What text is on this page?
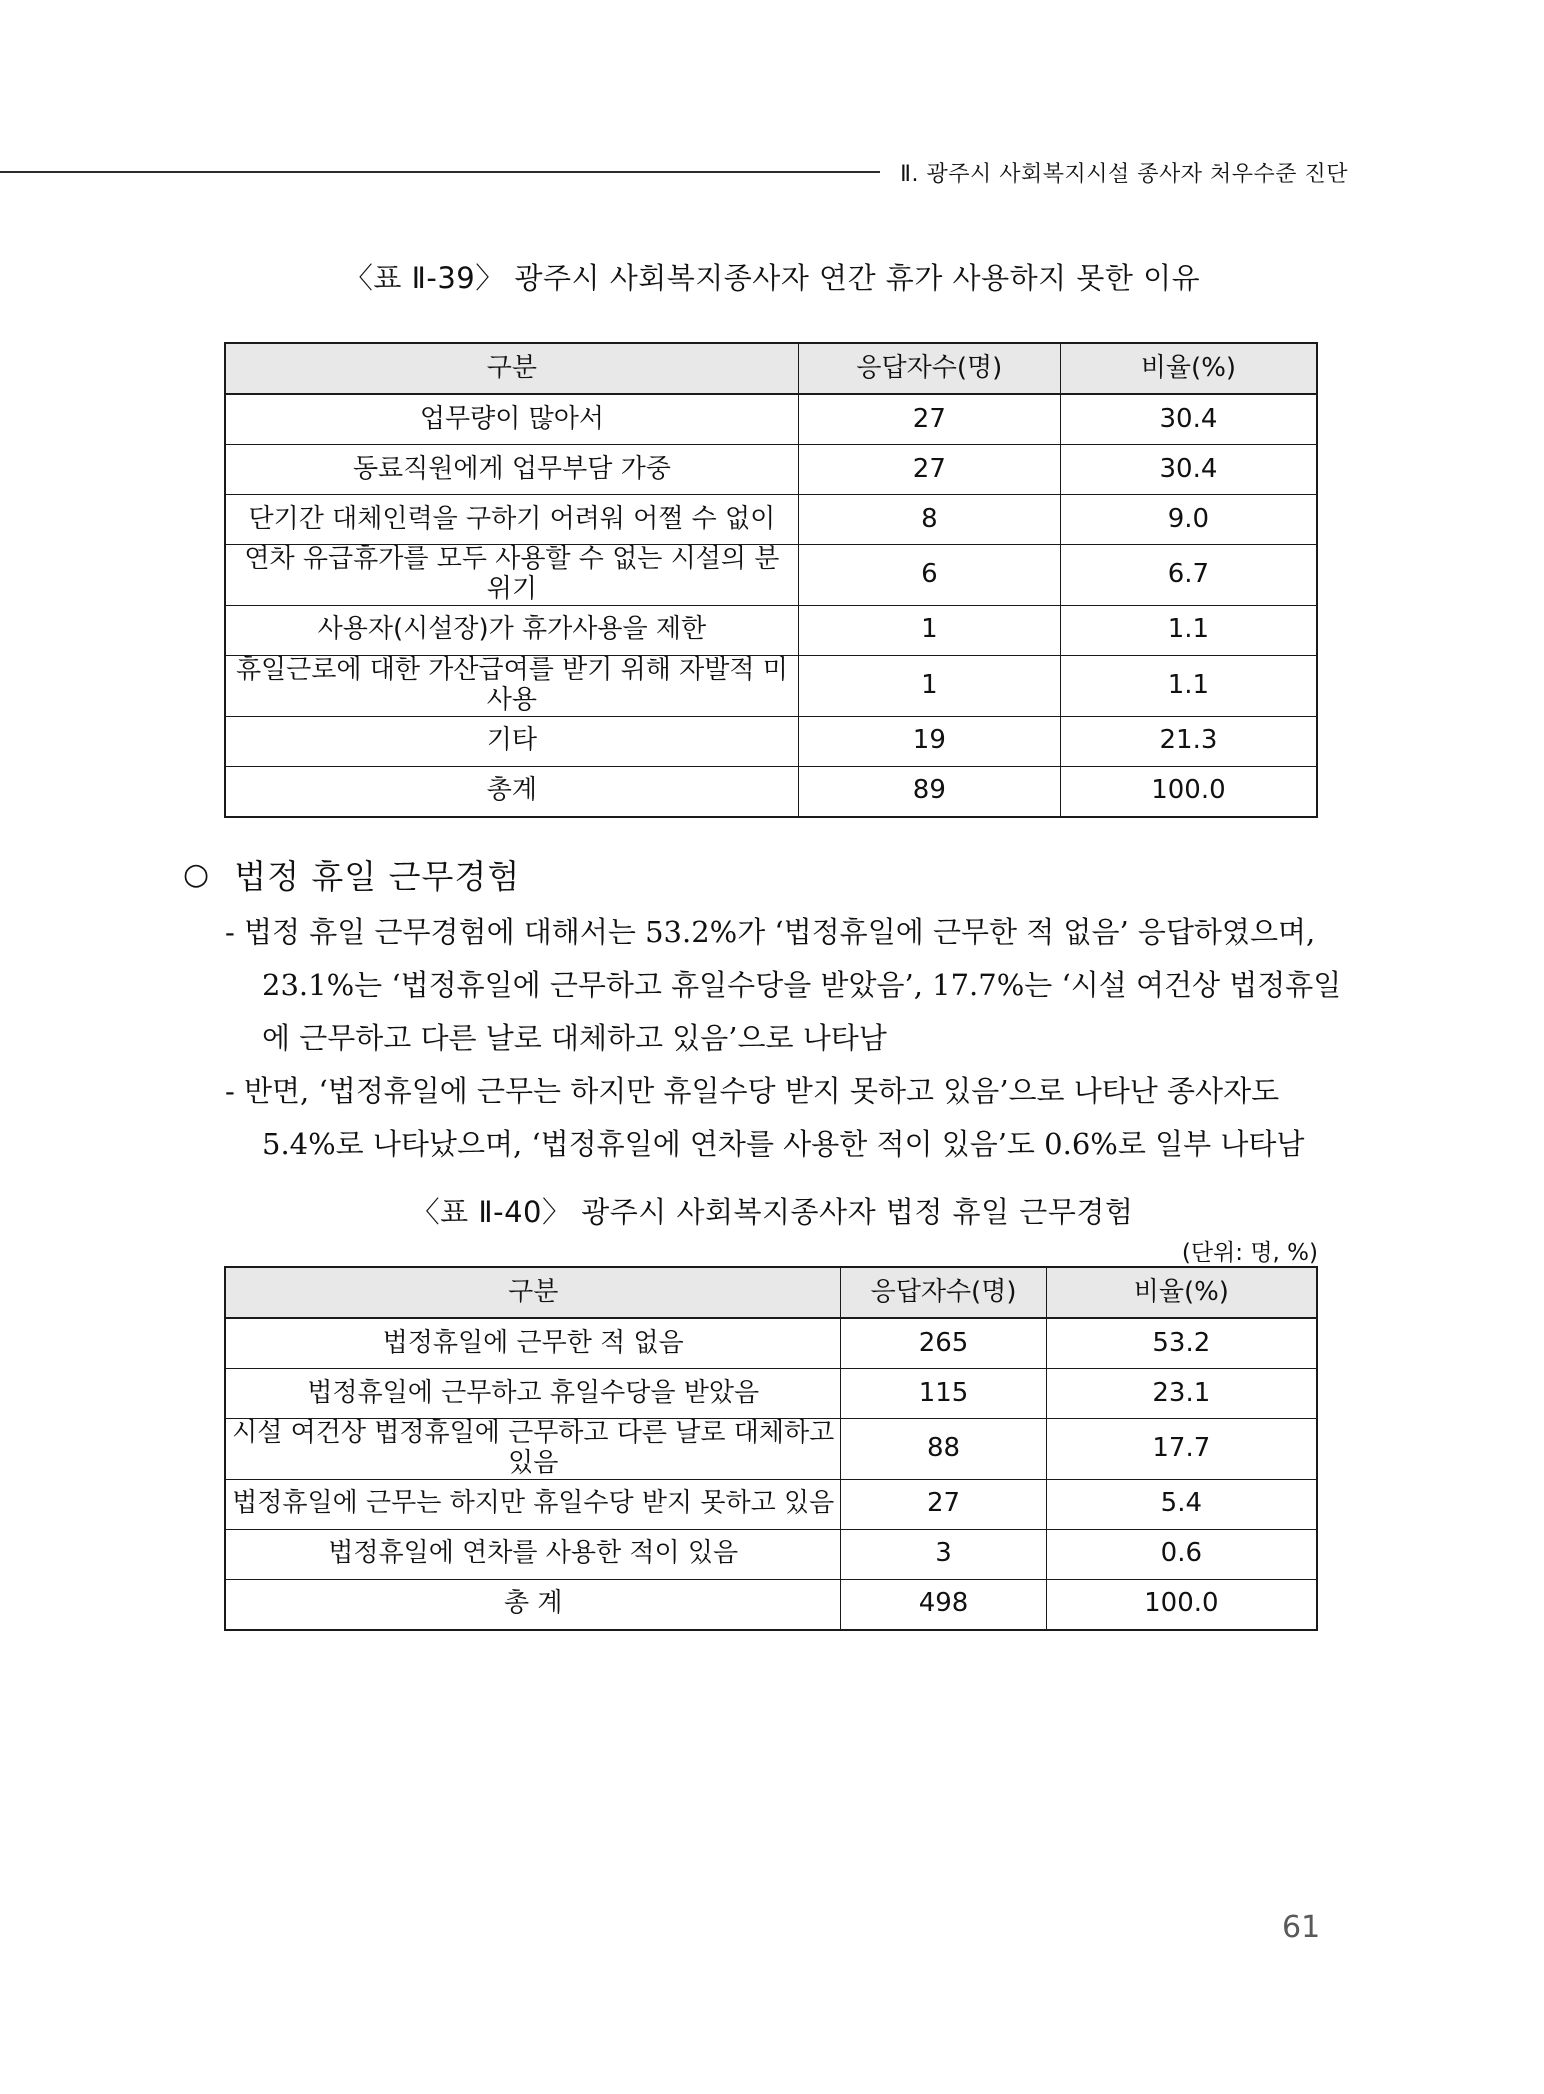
Ⅱ. 광주시 사회복지시설 종사자 처우수준 진단
〈표 Ⅱ-39〉 광주시 사회복지종사자 연간 휴가 사용하지 못한 이유
구분	응답자수(명)	비율(%)
업무량이 많아서	27	30.4
동료직원에게 업무부담 가중	27	30.4
단기간 대체인력을 구하기 어려워 어쩔 수 없이	8	9.0
연차 유급휴가를 모두 사용할 수 없는 시설의 분위기	6	6.7
사용자(시설장)가 휴가사용을 제한	1	1.1
휴일근로에 대한 가산급여를 받기 위해 자발적 미사용	1	1.1
기타	19	21.3
총계	89	100.0
○ 법정 휴일 근무경험
- 법정 휴일 근무경험에 대해서는 53.2%가 ‘법정휴일에 근무한 적 없음’ 응답하였으며,
23.1%는 ‘법정휴일에 근무하고 휴일수당을 받았음’, 17.7%는 ‘시설 여건상 법정휴일
에 근무하고 다른 날로 대체하고 있음’으로 나타남
- 반면, ‘법정휴일에 근무는 하지만 휴일수당 받지 못하고 있음’으로 나타난 종사자도
5.4%로 나타났으며, ‘법정휴일에 연차를 사용한 적이 있음’도 0.6%로 일부 나타남
〈표 Ⅱ-40〉 광주시 사회복지종사자 법정 휴일 근무경험
(단위: 명, %)
구분	응답자수(명)	비율(%)
법정휴일에 근무한 적 없음	265	53.2
법정휴일에 근무하고 휴일수당을 받았음	115	23.1
시설 여건상 법정휴일에 근무하고 다른 날로 대체하고 있음	88	17.7
법정휴일에 근무는 하지만 휴일수당 받지 못하고 있음	27	5.4
법정휴일에 연차를 사용한 적이 있음	3	0.6
총 계	498	100.0
61
